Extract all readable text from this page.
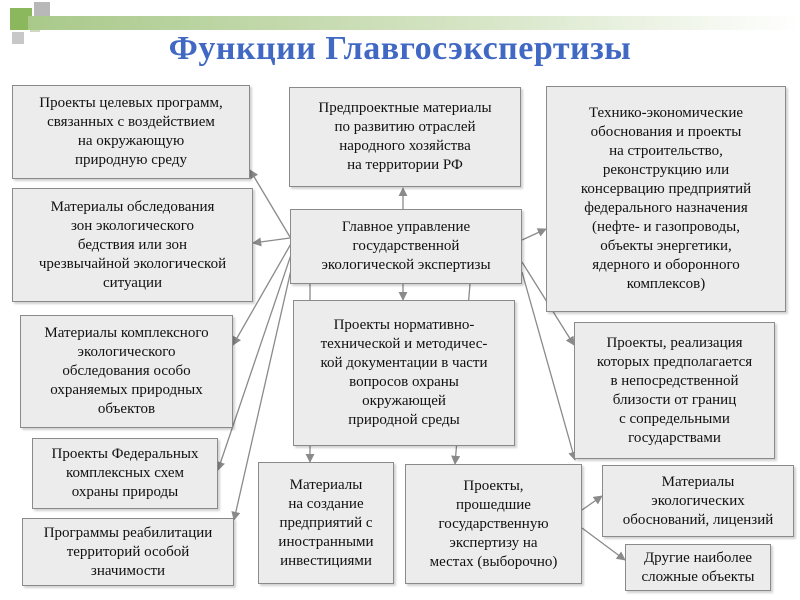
Функции Главгосэкспертизы
Проекты целевых программ,
связанных с воздействием
на окружающую
природную среду
Предпроектные материалы
по развитию отраслей
народного хозяйства
на территории РФ
Технико-экономические
обоснования и проекты
на строительство,
реконструкцию или
консервацию предприятий
федерального назначения
(нефте- и газопроводы,
объекты энергетики,
ядерного и оборонного
комплексов)
Материалы обследования
зон экологического
бедствия или зон
чрезвычайной экологической
ситуации
Главное управление
государственной
экологической экспертизы
Проекты нормативно-
технической и методичес-
кой документации в части
вопросов охраны
окружающей
природной среды
Материалы комплексного
экологического
обследования особо
охраняемых природных
объектов
Проекты, реализация
которых предполагается
в непосредственной
близости от границ
с сопредельными
государствами
Проекты Федеральных
комплексных схем
охраны природы	Материалы
на создание
предприятий с
иностранными
инвестициями
Проекты,
прошедшие
государственную
экспертизу на
местах (выборочно)
Материалы
экологических
обоснований, лицензий
Программы реабилитации
территорий особой
значимости
Другие наиболее
сложные объекты
